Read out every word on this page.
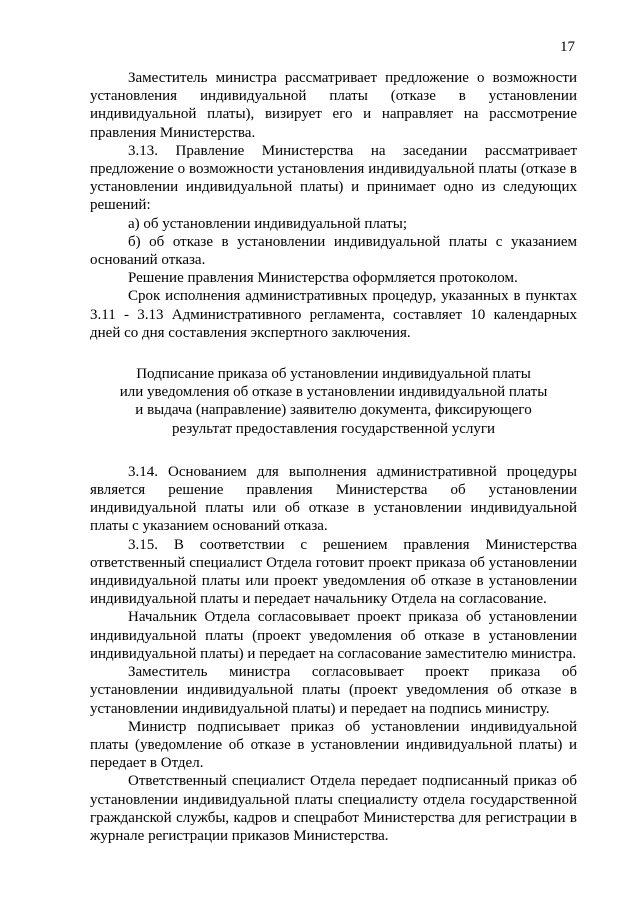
17

Заместитель министра рассматривает предложение о возможности установления индивидуальной платы (отказе в установлении индивидуальной платы), визирует его и направляет на рассмотрение правления Министерства.

3.13. Правление Министерства на заседании рассматривает предложение о возможности установления индивидуальной платы (отказе в установлении индивидуальной платы) и принимает одно из следующих решений:

а) об установлении индивидуальной платы;

б) об отказе в установлении индивидуальной платы с указанием оснований отказа.

Решение правления Министерства оформляется протоколом.

Срок исполнения административных процедур, указанных в пунктах 3.11 - 3.13 Административного регламента, составляет 10 календарных дней со дня составления экспертного заключения.

Подписание приказа об установлении индивидуальной платы
или уведомления об отказе в установлении индивидуальной платы
и выдача (направление) заявителю документа, фиксирующего
результат предоставления государственной услуги

3.14. Основанием для выполнения административной процедуры является решение правления Министерства об установлении индивидуальной платы или об отказе в установлении индивидуальной платы с указанием оснований отказа.

3.15. В соответствии с решением правления Министерства ответственный специалист Отдела готовит проект приказа об установлении индивидуальной платы или проект уведомления об отказе в установлении индивидуальной платы и передает начальнику Отдела на согласование.

Начальник Отдела согласовывает проект приказа об установлении индивидуальной платы (проект уведомления об отказе в установлении индивидуальной платы) и передает на согласование заместителю министра.

Заместитель министра согласовывает проект приказа об установлении индивидуальной платы (проект уведомления об отказе в установлении индивидуальной платы) и передает на подпись министру.

Министр подписывает приказ об установлении индивидуальной платы (уведомление об отказе в установлении индивидуальной платы) и передает в Отдел.

Ответственный специалист Отдела передает подписанный приказ об установлении индивидуальной платы специалисту отдела государственной гражданской службы, кадров и спецработ Министерства для регистрации в журнале регистрации приказов Министерства.
